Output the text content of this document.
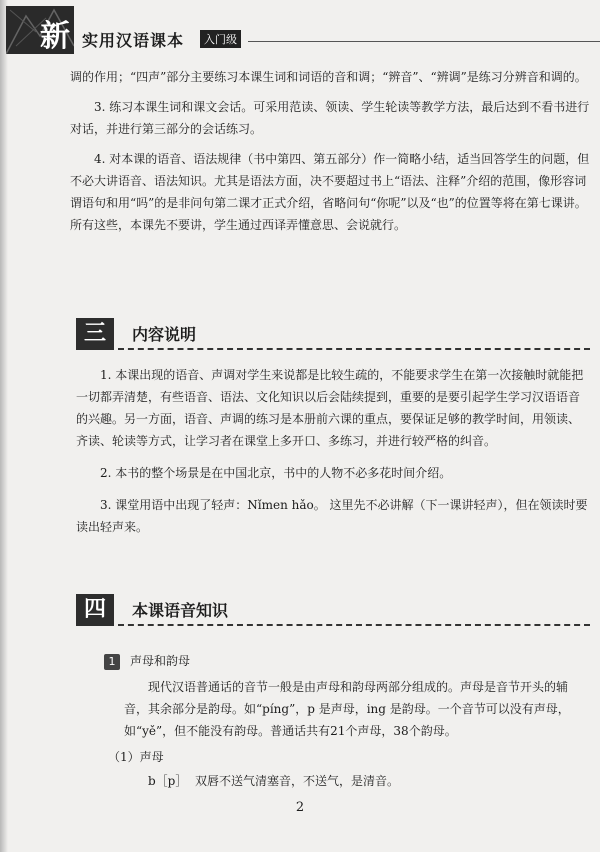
新 实用汉语课本	入门级

调的作用；“四声”部分主要练习本课生词和词语的音和调；“辨音”、“辨调”是练习分辨音和调的。

3. 练习本课生词和课文会话。可采用范读、领读、学生轮读等教学方法，最后达到不看书进行对话，并进行第三部分的会话练习。

4. 对本课的语音、语法规律（书中第四、第五部分）作一简略小结，适当回答学生的问题，但不必大讲语音、语法知识。尤其是语法方面，决不要超过书上“语法、注释”介绍的范围，像形容词谓语句和用“吗”的是非问句第二课才正式介绍，省略问句“你呢”以及“也”的位置等将在第七课讲。所有这些，本课先不要讲，学生通过西译弄懂意思、会说就行。

三	内容说明

1. 本课出现的语音、声调对学生来说都是比较生疏的，不能要求学生在第一次接触时就能把一切都弄清楚，有些语音、语法、文化知识以后会陆续提到，重要的是要引起学生学习汉语语音的兴趣。另一方面，语音、声调的练习是本册前六课的重点，要保证足够的教学时间，用领读、齐读、轮读等方式，让学习者在课堂上多开口、多练习，并进行较严格的纠音。

2. 本书的整个场景是在中国北京，书中的人物不必多花时间介绍。

3. 课堂用语中出现了轻声：Nǐmen hǎo。 这里先不必讲解（下一课讲轻声），但在领读时要读出轻声来。

四	本课语音知识
1 声母和韵母

现代汉语普通话的音节一般是由声母和韵母两部分组成的。声母是音节开头的辅音，其余部分是韵母。如“píng”，p 是声母，ing 是韵母。一个音节可以没有声母，如“yě”，但不能没有韵母。普通话共有21个声母，38个韵母。

（1）声母
b［p］  双唇不送气清塞音，不送气，是清音。
2
